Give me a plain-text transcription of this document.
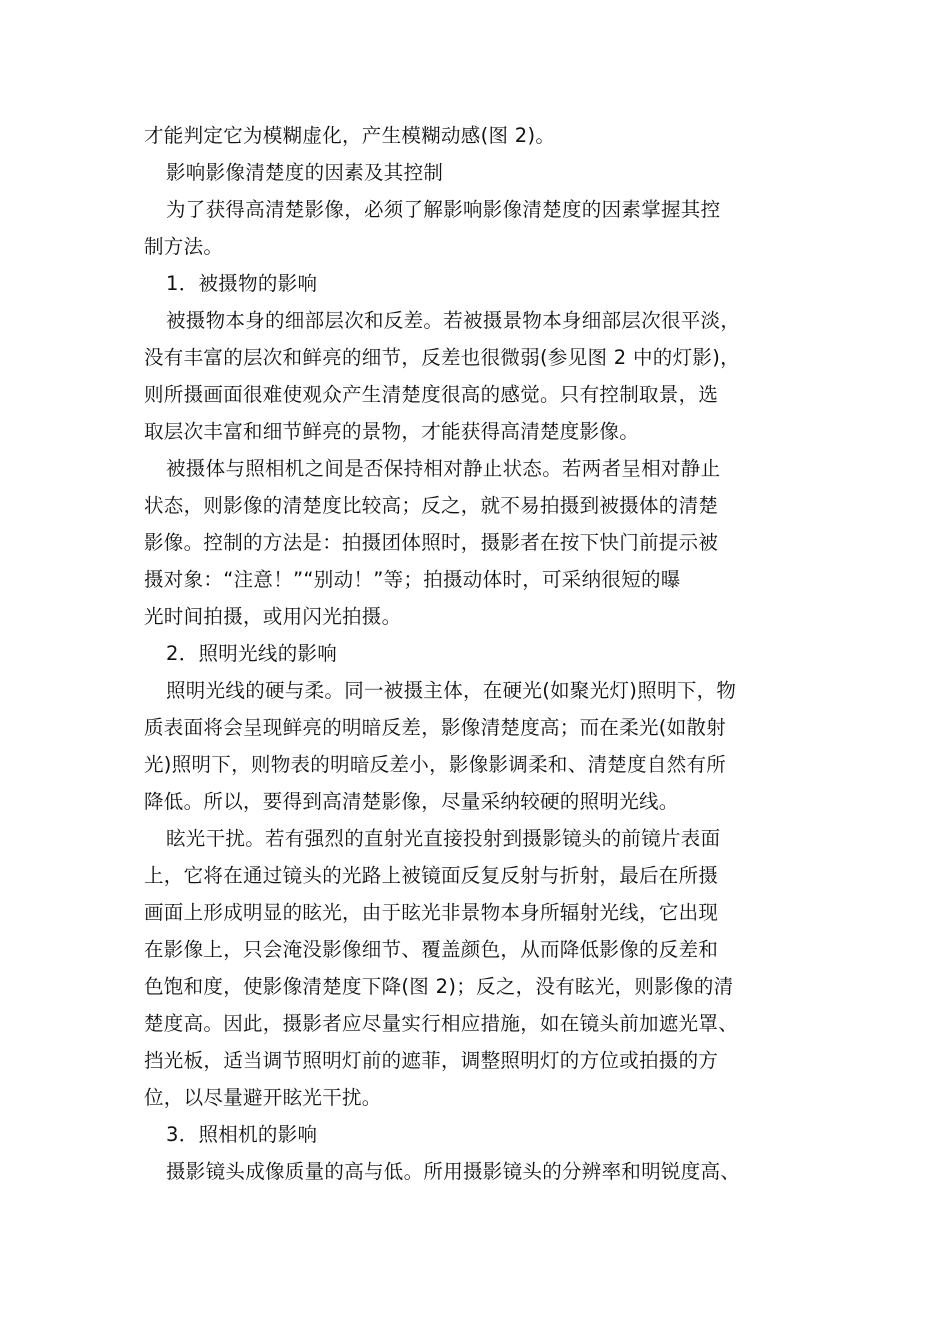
才能判定它为模糊虚化，产生模糊动感(图 2)。
影响影像清楚度的因素及其控制
为了获得高清楚影像，必须了解影响影像清楚度的因素掌握其控
制方法。
1．被摄物的影响
被摄物本身的细部层次和反差。若被摄景物本身细部层次很平淡，
没有丰富的层次和鲜亮的细节，反差也很微弱(参见图 2 中的灯影)，
则所摄画面很难使观众产生清楚度很高的感觉。只有控制取景，选
取层次丰富和细节鲜亮的景物，才能获得高清楚度影像。
被摄体与照相机之间是否保持相对静止状态。若两者呈相对静止
状态，则影像的清楚度比较高；反之，就不易拍摄到被摄体的清楚
影像。控制的方法是：拍摄团体照时，摄影者在按下快门前提示被
摄对象：“注意！”“别动！”等；拍摄动体时，可采纳很短的曝
光时间拍摄，或用闪光拍摄。
2．照明光线的影响
照明光线的硬与柔。同一被摄主体，在硬光(如聚光灯)照明下，物
质表面将会呈现鲜亮的明暗反差，影像清楚度高；而在柔光(如散射
光)照明下，则物表的明暗反差小，影像影调柔和、清楚度自然有所
降低。所以，要得到高清楚影像，尽量采纳较硬的照明光线。
眩光干扰。若有强烈的直射光直接投射到摄影镜头的前镜片表面
上，它将在通过镜头的光路上被镜面反复反射与折射，最后在所摄
画面上形成明显的眩光，由于眩光非景物本身所辐射光线，它出现
在影像上，只会淹没影像细节、覆盖颜色，从而降低影像的反差和
色饱和度，使影像清楚度下降(图 2)；反之，没有眩光，则影像的清
楚度高。因此，摄影者应尽量实行相应措施，如在镜头前加遮光罩、
挡光板，适当调节照明灯前的遮菲，调整照明灯的方位或拍摄的方
位，以尽量避开眩光干扰。
3．照相机的影响
摄影镜头成像质量的高与低。所用摄影镜头的分辨率和明锐度高、
